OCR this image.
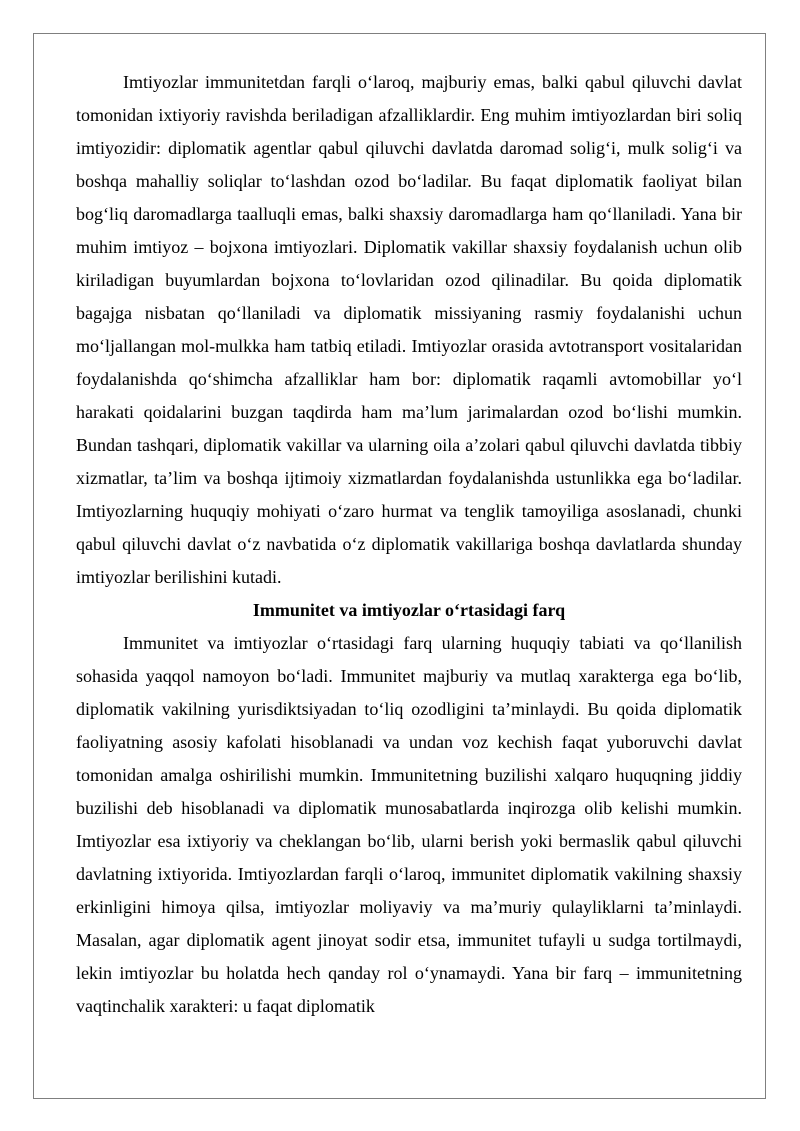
Imtiyozlar immunitetdan farqli o‘laroq, majburiy emas, balki qabul qiluvchi davlat tomonidan ixtiyoriy ravishda beriladigan afzalliklardir. Eng muhim imtiyozlardan biri soliq imtiyozidir: diplomatik agentlar qabul qiluvchi davlatda daromad solig‘i, mulk solig‘i va boshqa mahalliy soliqlar to‘lashdan ozod bo‘ladilar. Bu faqat diplomatik faoliyat bilan bog‘liq daromadlarga taalluqli emas, balki shaxsiy daromadlarga ham qo‘llaniladi. Yana bir muhim imtiyoz – bojxona imtiyozlari. Diplomatik vakillar shaxsiy foydalanish uchun olib kiriladigan buyumlardan bojxona to‘lovlaridan ozod qilinadilar. Bu qoida diplomatik bagajga nisbatan qo‘llaniladi va diplomatik missiyaning rasmiy foydalanishi uchun mo‘ljallangan mol-mulkka ham tatbiq etiladi. Imtiyozlar orasida avtotransport vositalaridan foydalanishda qo‘shimcha afzalliklar ham bor: diplomatik raqamli avtomobillar yo‘l harakati qoidalarini buzgan taqdirda ham ma’lum jarimalardan ozod bo‘lishi mumkin. Bundan tashqari, diplomatik vakillar va ularning oila a’zolari qabul qiluvchi davlatda tibbiy xizmatlar, ta’lim va boshqa ijtimoiy xizmatlardan foydalanishda ustunlikka ega bo‘ladilar. Imtiyozlarning huquqiy mohiyati o‘zaro hurmat va tenglik tamoyiliga asoslanadi, chunki qabul qiluvchi davlat o‘z navbatida o‘z diplomatik vakillariga boshqa davlatlarda shunday imtiyozlar berilishini kutadi.

Immunitet va imtiyozlar o‘rtasidagi farq

Immunitet va imtiyozlar o‘rtasidagi farq ularning huquqiy tabiati va qo‘llanilish sohasida yaqqol namoyon bo‘ladi. Immunitet majburiy va mutlaq xarakterga ega bo‘lib, diplomatik vakilning yurisdiktsiyadan to‘liq ozodligini ta’minlaydi. Bu qoida diplomatik faoliyatning asosiy kafolati hisoblanadi va undan voz kechish faqat yuboruvchi davlat tomonidan amalga oshirilishi mumkin. Immunitetning buzilishi xalqaro huquqning jiddiy buzilishi deb hisoblanadi va diplomatik munosabatlarda inqirozga olib kelishi mumkin. Imtiyozlar esa ixtiyoriy va cheklangan bo‘lib, ularni berish yoki bermaslik qabul qiluvchi davlatning ixtiyorida. Imtiyozlardan farqli o‘laroq, immunitet diplomatik vakilning shaxsiy erkinligini himoya qilsa, imtiyozlar moliyaviy va ma’muriy qulayliklarni ta’minlaydi. Masalan, agar diplomatik agent jinoyat sodir etsa, immunitet tufayli u sudga tortilmaydi, lekin imtiyozlar bu holatda hech qanday rol o‘ynamaydi. Yana bir farq – immunitetning vaqtinchalik xarakteri: u faqat diplomatik
